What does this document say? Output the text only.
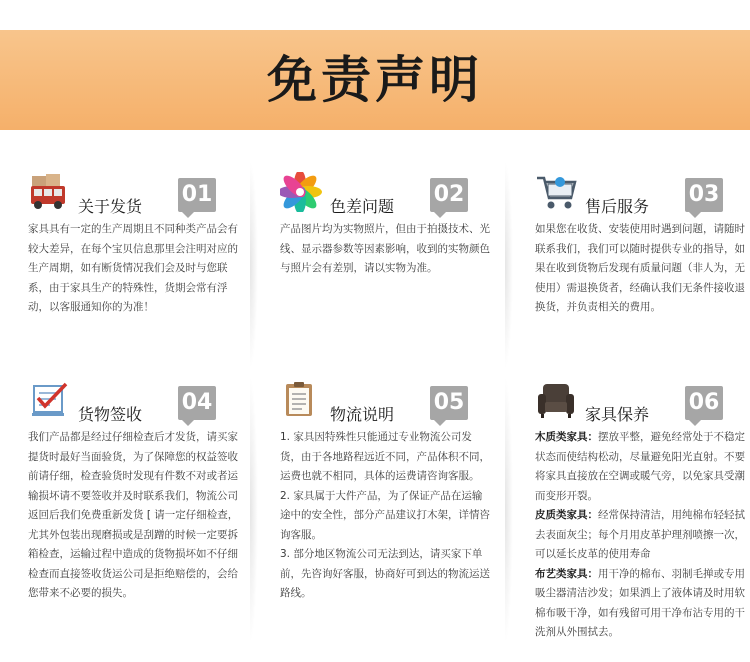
免责声明
关于发货 01

家具具有一定的生产周期且不同种类产品会有较大差异，在每个宝贝信息那里会注明对应的生产周期，如有断货情况我们会及时与您联系，由于家具生产的特殊性，货期会常有浮动，以客服通知你的为准！

色差问题 02

产品图片均为实物照片，但由于拍摄技术、光线、显示器参数等因素影响，收到的实物颜色与照片会有差别，请以实物为准。

售后服务 03

如果您在收货、安装使用时遇到问题，请随时联系我们，我们可以随时提供专业的指导，如果在收到货物后发现有质量问题（非人为，无使用）需退换货者，经确认我们无条件接收退换货，并负责相关的费用。

货物签收 04

我们产品都是经过仔细检查后才发货，请买家提货时最好当面验货，为了保障您的权益签收前请仔细，检查验货时发现有件数不对或者运输损坏请不要签收并及时联系我们，物流公司返回后我们免费重新发货 [ 请一定仔细检查，尤其外包装出现磨损或是刮蹭的时候一定要拆箱检查，运输过程中造成的货物损坏如不仔细检查而直接签收货运公司是拒绝赔偿的，会给您带来不必要的损失。

物流说明 05

1. 家具因特殊性只能通过专业物流公司发货，由于各地路程远近不同，产品体积不同，运费也就不相同，具体的运费请咨询客服。

2. 家具属于大件产品，为了保证产品在运输途中的安全性，部分产品建议打木架，详情咨询客服。

3. 部分地区物流公司无法到达，请买家下单前，先咨询好客服，协商好可到达的物流运送路线。

家具保养 06

木质类家具：摆放平整，避免经常处于不稳定状态而使结构松动，尽量避免阳光直射。不要将家具直接放在空调或暖气旁，以免家具受潮而变形开裂。

皮质类家具：经常保持清洁，用纯棉布轻轻拭去表面灰尘；每个月用皮革护理剂喷擦一次，可以延长皮革的使用寿命

布艺类家具：用干净的棉布、羽制毛掸或专用吸尘器清洁沙发；如果洒上了液体请及时用软棉布吸干净，如有残留可用干净布沾专用的干洗剂从外围拭去。
